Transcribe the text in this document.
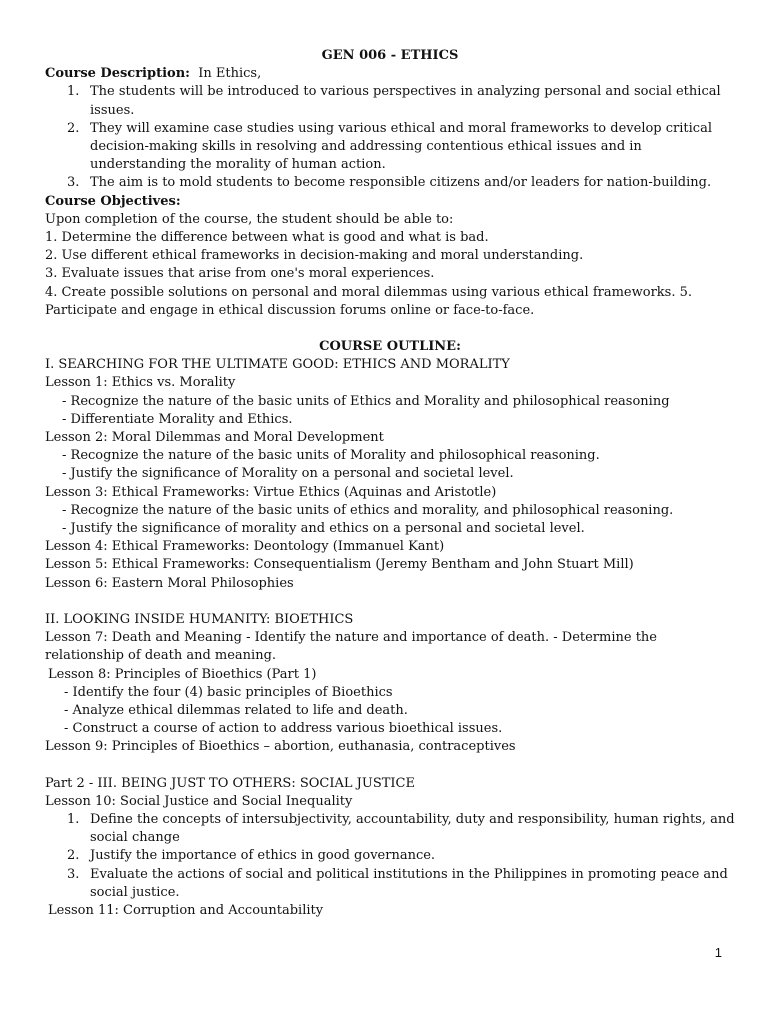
GEN 006 - ETHICS

Course Description: In Ethics,

1. The students will be introduced to various perspectives in analyzing personal and social ethical issues.
2. They will examine case studies using various ethical and moral frameworks to develop critical decision-making skills in resolving and addressing contentious ethical issues and in understanding the morality of human action.
3. The aim is to mold students to become responsible citizens and/or leaders for nation-building.

Course Objectives:

Upon completion of the course, the student should be able to:

1. Determine the difference between what is good and what is bad.

2. Use different ethical frameworks in decision-making and moral understanding.

3. Evaluate issues that arise from one's moral experiences.

4. Create possible solutions on personal and moral dilemmas using various ethical frameworks. 5. Participate and engage in ethical discussion forums online or face-to-face.

COURSE OUTLINE:

I. SEARCHING FOR THE ULTIMATE GOOD: ETHICS AND MORALITY

Lesson 1: Ethics vs. Morality

- Recognize the nature of the basic units of Ethics and Morality and philosophical reasoning

- Differentiate Morality and Ethics.

Lesson 2: Moral Dilemmas and Moral Development

- Recognize the nature of the basic units of Morality and philosophical reasoning.

- Justify the significance of Morality on a personal and societal level.

Lesson 3: Ethical Frameworks: Virtue Ethics (Aquinas and Aristotle)

- Recognize the nature of the basic units of ethics and morality, and philosophical reasoning.

- Justify the significance of morality and ethics on a personal and societal level.

Lesson 4: Ethical Frameworks: Deontology (Immanuel Kant)

Lesson 5: Ethical Frameworks: Consequentialism (Jeremy Bentham and John Stuart Mill)

Lesson 6: Eastern Moral Philosophies

II. LOOKING INSIDE HUMANITY: BIOETHICS

Lesson 7: Death and Meaning - Identify the nature and importance of death. - Determine the relationship of death and meaning.

Lesson 8: Principles of Bioethics (Part 1)

- Identify the four (4) basic principles of Bioethics

- Analyze ethical dilemmas related to life and death.

- Construct a course of action to address various bioethical issues.

Lesson 9: Principles of Bioethics – abortion, euthanasia, contraceptives

Part 2 - III. BEING JUST TO OTHERS: SOCIAL JUSTICE

Lesson 10: Social Justice and Social Inequality

1. Define the concepts of intersubjectivity, accountability, duty and responsibility, human rights, and social change
2. Justify the importance of ethics in good governance.
3. Evaluate the actions of social and political institutions in the Philippines in promoting peace and social justice.

Lesson 11: Corruption and Accountability

1
